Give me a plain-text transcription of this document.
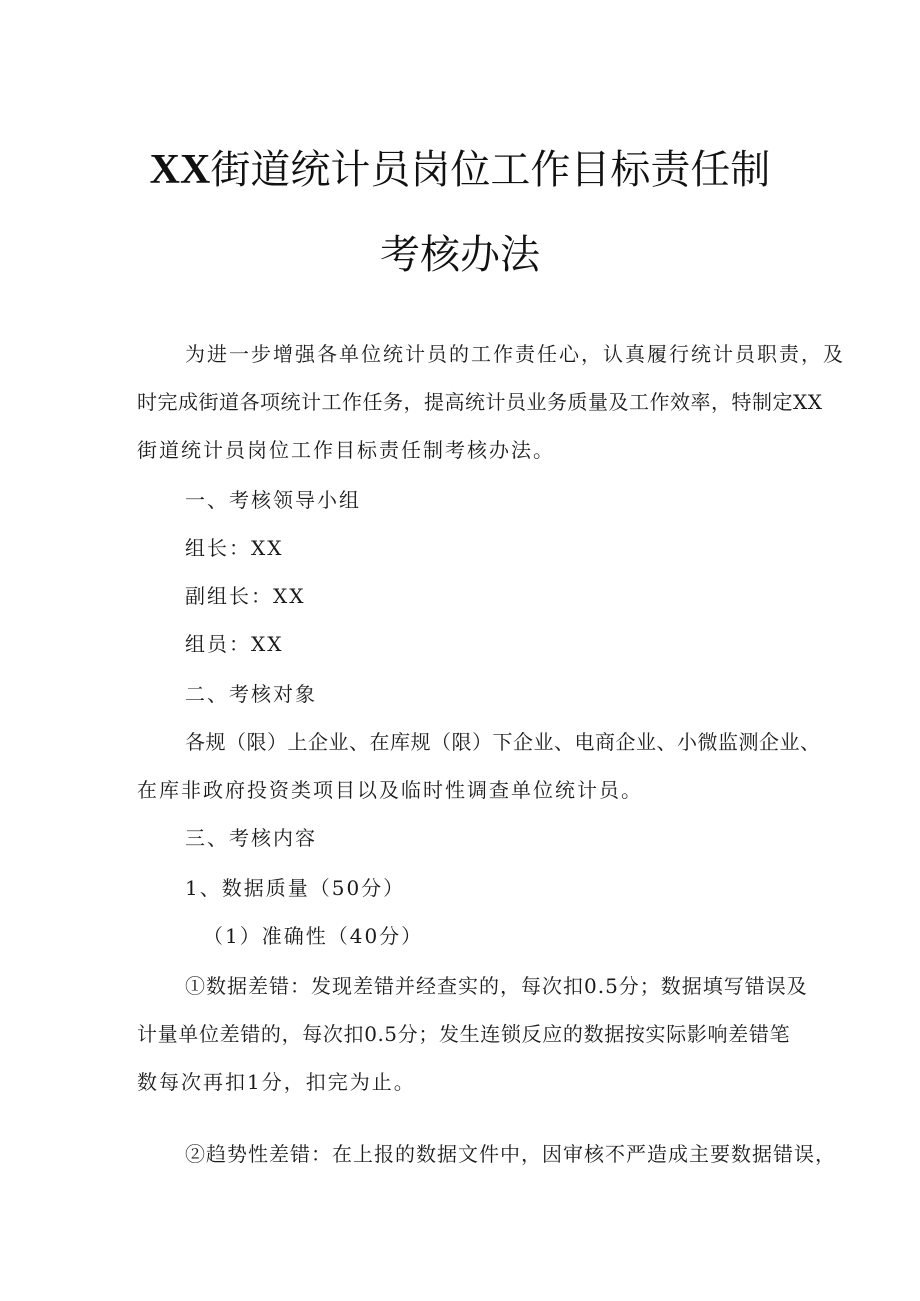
XX街道统计员岗位工作目标责任制
考核办法
为进一步增强各单位统计员的工作责任心，认真履行统计员职责，及
时完成街道各项统计工作任务，提高统计员业务质量及工作效率，特制定XX
街道统计员岗位工作目标责任制考核办法。
一、考核领导小组
组长：XX
副组长：XX
组员：XX
二、考核对象
各规（限）上企业、在库规（限）下企业、电商企业、小微监测企业、
在库非政府投资类项目以及临时性调查单位统计员。
三、考核内容
1、数据质量（50分）
（1）准确性（40分）
①数据差错：发现差错并经查实的，每次扣0.5分；数据填写错误及
计量单位差错的，每次扣0.5分；发生连锁反应的数据按实际影响差错笔
数每次再扣1分，扣完为止。
②趋势性差错：在上报的数据文件中，因审核不严造成主要数据错误，
